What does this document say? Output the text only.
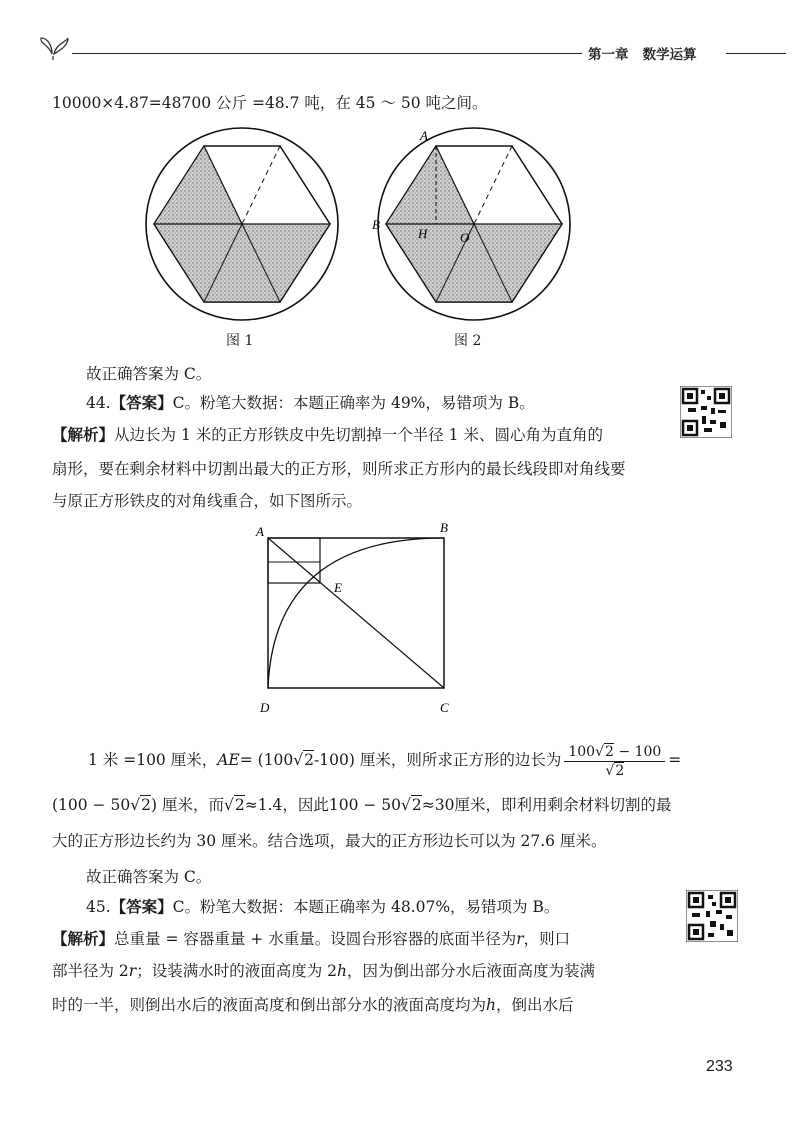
第一章 数学运算
10000×4.87=48700 公斤 =48.7 吨，在 45 ～ 50 吨之间。
图 1
A
B
H	O
图 2
故正确答案为 C。
44.【答案】C。粉笔大数据：本题正确率为 49%，易错项为 B。
【解析】从边长为 1 米的正方形铁皮中先切割掉一个半径 1 米、圆心角为直角的
扇形，要在剩余材料中切割出最大的正方形，则所求正方形内的最长线段即对角线要
与原正方形铁皮的对角线重合，如下图所示。
A	B
C
D
E
1 米 =100 厘米，AE= (100√2-100) 厘米，则所求正方形的边长为 $\frac{100√2 - 100}{√2}$ =
(100 − 50√2) 厘米，而√2≈1.4，因此100 − 50√2≈30厘米，即利用剩余材料切割的最
大的正方形边长约为 30 厘米。结合选项，最大的正方形边长可以为 27.6 厘米。
故正确答案为 C。
45.【答案】C。粉笔大数据：本题正确率为 48.07%，易错项为 B。
【解析】总重量 = 容器重量 + 水重量。设圆台形容器的底面半径为r，则口
部半径为 2r；设装满水时的液面高度为 2h，因为倒出部分水后液面高度为装满
时的一半，则倒出水后的液面高度和倒出部分水的液面高度均为h，倒出水后
233
